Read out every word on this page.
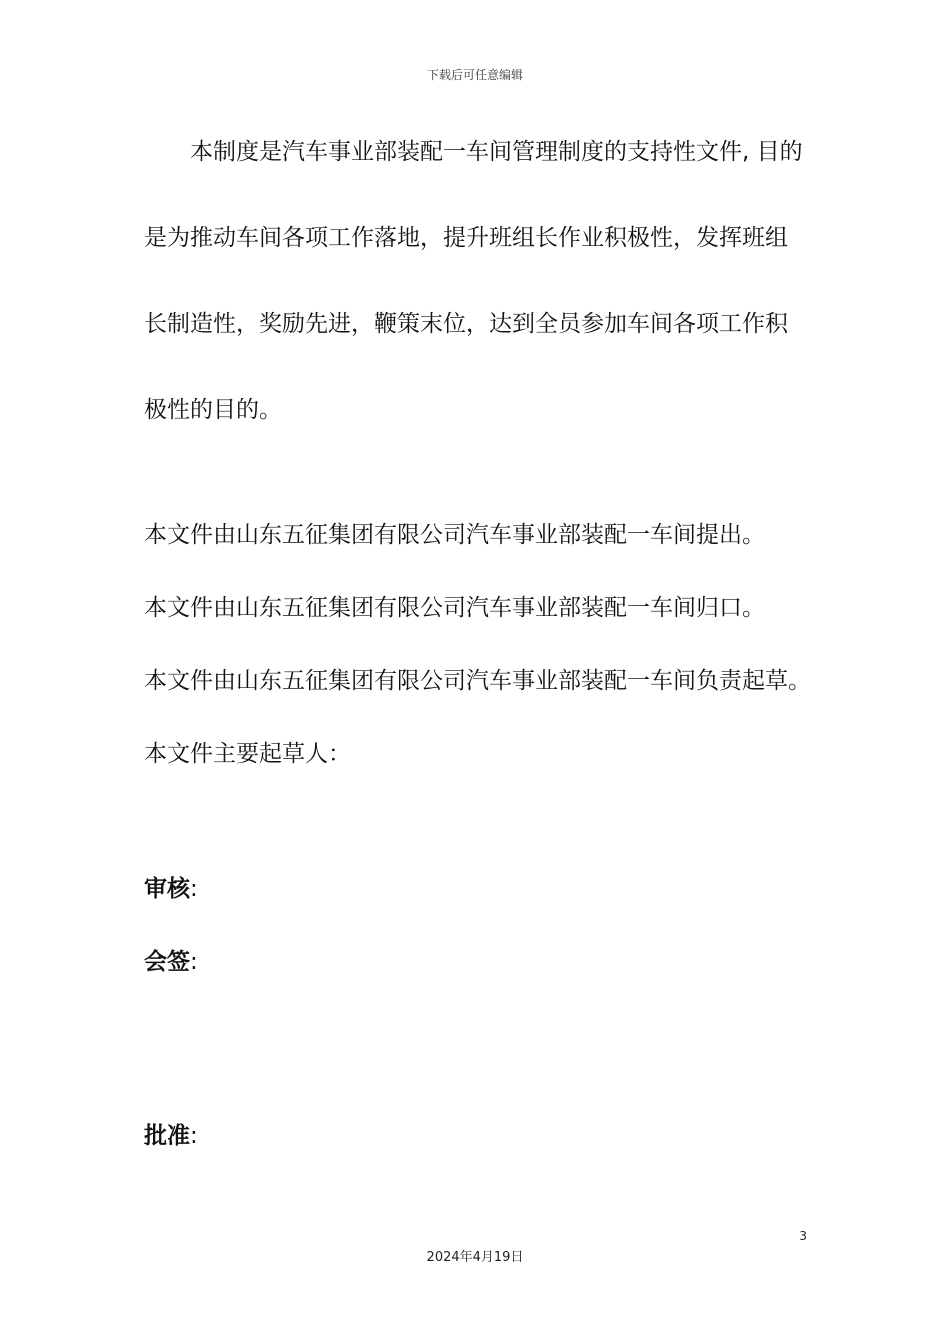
下载后可任意编辑
本制度是汽车事业部装配一车间管理制度的支持性文件, 目的
是为推动车间各项工作落地，提升班组长作业积极性，发挥班组
长制造性，奖励先进，鞭策末位，达到全员参加车间各项工作积
极性的目的。
本文件由山东五征集团有限公司汽车事业部装配一车间提出。
本文件由山东五征集团有限公司汽车事业部装配一车间归口。
本文件由山东五征集团有限公司汽车事业部装配一车间负责起草。
本文件主要起草人：
审核:
会签:
批准:
3
2024年4月19日
